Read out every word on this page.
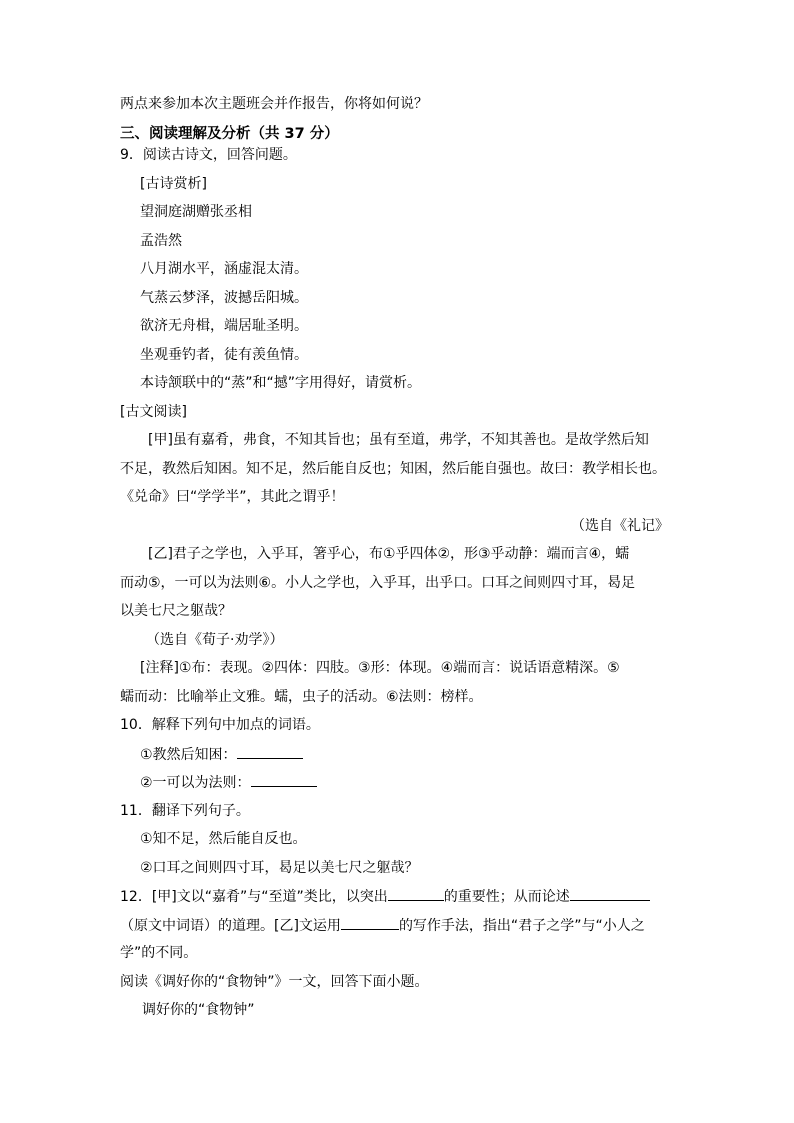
两点来参加本次主题班会并作报告，你将如何说？
三、阅读理解及分析（共 37 分）
9．阅读古诗文，回答问题。
[古诗赏析]
望洞庭湖赠张丞相
孟浩然
八月湖水平，涵虚混太清。
气蒸云梦泽，波撼岳阳城。
欲济无舟楫，端居耻圣明。
坐观垂钓者，徒有羡鱼情。
本诗颔联中的“蒸”和“撼”字用得好，请赏析。
[古文阅读]
[甲]虽有嘉肴，弗食，不知其旨也；虽有至道，弗学，不知其善也。是故学然后知
不足，教然后知困。知不足，然后能自反也；知困，然后能自强也。故曰：教学相长也。
《兑命》曰“学学半”，其此之谓乎！
（选自《礼记》
[乙]君子之学也，入乎耳，箸乎心，布①乎四体②，形③乎动静：端而言④，蠕
而动⑤，一可以为法则⑥。小人之学也，入乎耳，出乎口。口耳之间则四寸耳，曷足
以美七尺之躯哉？
（选自《荀子·劝学》）
[注释]①布：表现。②四体：四肢。③形：体现。④端而言：说话语意精深。⑤
蠕而动：比喻举止文雅。蠕，虫子的活动。⑥法则：榜样。
10．解释下列句中加点的词语。
①教然后知困：
②一可以为法则：
11．翻译下列句子。
①知不足，然后能自反也。
②口耳之间则四寸耳，曷足以美七尺之躯哉？
12．[甲]文以“嘉肴”与“至道”类比，以突出	的重要性；从而论述
（原文中词语）的道理。[乙]文运用	的写作手法，指出“君子之学”与“小人之
学”的不同。
阅读《调好你的“食物钟”》一文，回答下面小题。
调好你的“食物钟”
